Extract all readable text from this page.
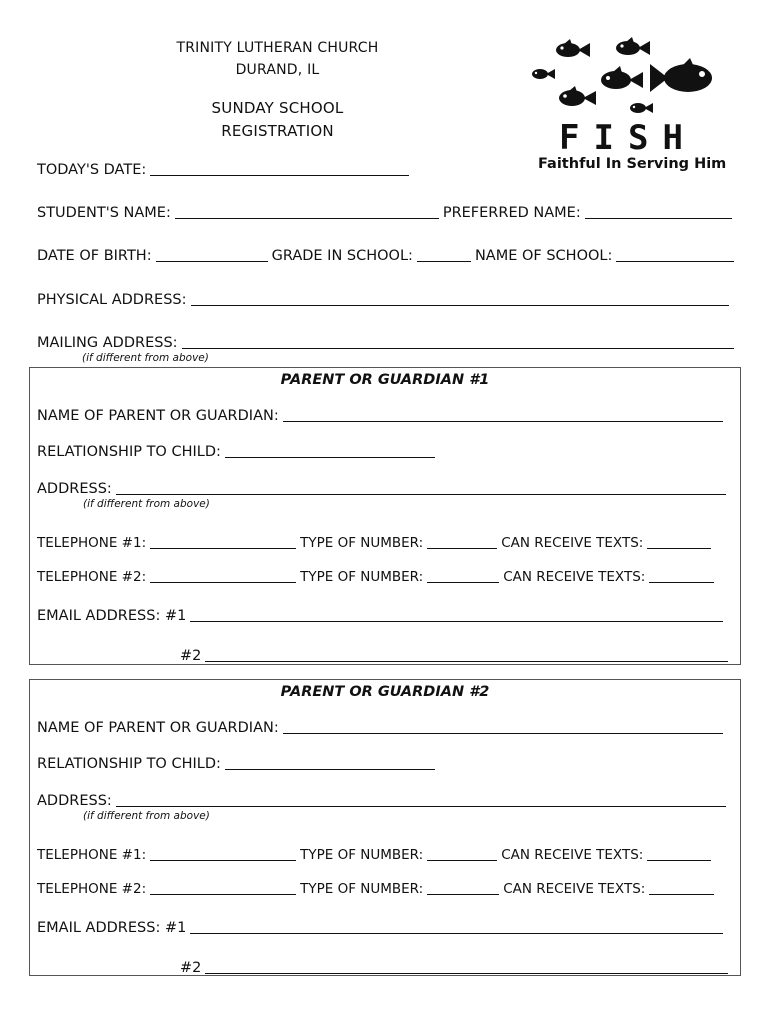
TRINITY LUTHERAN CHURCH
DURAND, IL
SUNDAY SCHOOL
REGISTRATION	FISH
Faithful In Serving Him
TODAY'S DATE:
STUDENT'S NAME:	PREFERRED NAME:
DATE OF BIRTH:	GRADE IN SCHOOL:	NAME OF SCHOOL:
PHYSICAL ADDRESS:
MAILING ADDRESS:
(if different from above)
PARENT OR GUARDIAN #1
NAME OF PARENT OR GUARDIAN:
RELATIONSHIP TO CHILD:
ADDRESS:
(if different from above)
TELEPHONE #1:	TYPE OF NUMBER:	CAN RECEIVE TEXTS:
TELEPHONE #2:	TYPE OF NUMBER:	CAN RECEIVE TEXTS:
EMAIL ADDRESS: #1
#2
PARENT OR GUARDIAN #2
NAME OF PARENT OR GUARDIAN:
RELATIONSHIP TO CHILD:
ADDRESS:
(if different from above)
TELEPHONE #1:	TYPE OF NUMBER:	CAN RECEIVE TEXTS:
TELEPHONE #2:	TYPE OF NUMBER:	CAN RECEIVE TEXTS:
EMAIL ADDRESS: #1
#2
